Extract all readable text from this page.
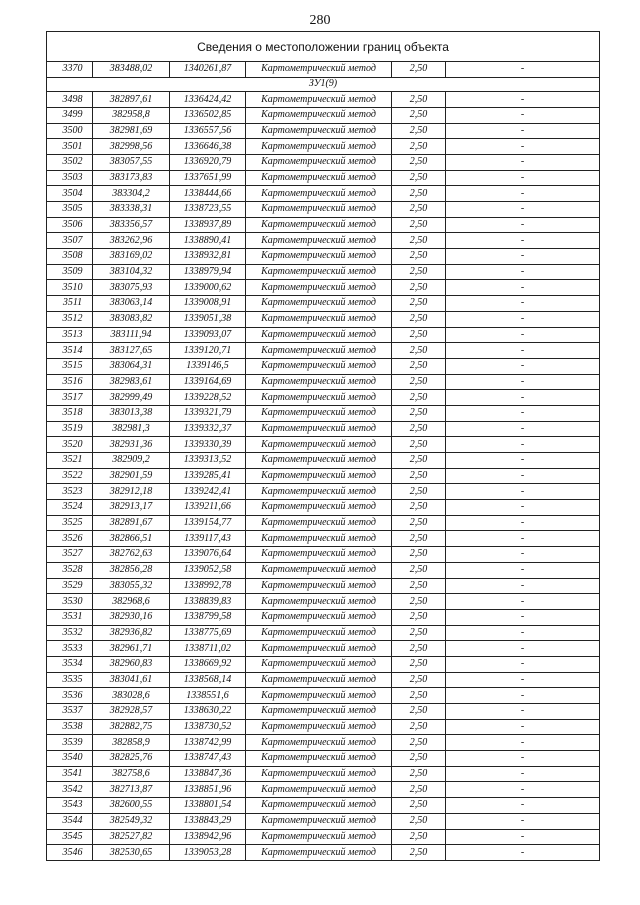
280
Сведения о местоположении границ объекта					
3370	383488,02	1340261,87	Картометрический метод	2,50	-
ЗУ1(9)					
3498	382897,61	1336424,42	Картометрический метод	2,50	-
3499	382958,8	1336502,85	Картометрический метод	2,50	-
3500	382981,69	1336557,56	Картометрический метод	2,50	-
3501	382998,56	1336646,38	Картометрический метод	2,50	-
3502	383057,55	1336920,79	Картометрический метод	2,50	-
3503	383173,83	1337651,99	Картометрический метод	2,50	-
3504	383304,2	1338444,66	Картометрический метод	2,50	-
3505	383338,31	1338723,55	Картометрический метод	2,50	-
3506	383356,57	1338937,89	Картометрический метод	2,50	-
3507	383262,96	1338890,41	Картометрический метод	2,50	-
3508	383169,02	1338932,81	Картометрический метод	2,50	-
3509	383104,32	1338979,94	Картометрический метод	2,50	-
3510	383075,93	1339000,62	Картометрический метод	2,50	-
3511	383063,14	1339008,91	Картометрический метод	2,50	-
3512	383083,82	1339051,38	Картометрический метод	2,50	-
3513	383111,94	1339093,07	Картометрический метод	2,50	-
3514	383127,65	1339120,71	Картометрический метод	2,50	-
3515	383064,31	1339146,5	Картометрический метод	2,50	-
3516	382983,61	1339164,69	Картометрический метод	2,50	-
3517	382999,49	1339228,52	Картометрический метод	2,50	-
3518	383013,38	1339321,79	Картометрический метод	2,50	-
3519	382981,3	1339332,37	Картометрический метод	2,50	-
3520	382931,36	1339330,39	Картометрический метод	2,50	-
3521	382909,2	1339313,52	Картометрический метод	2,50	-
3522	382901,59	1339285,41	Картометрический метод	2,50	-
3523	382912,18	1339242,41	Картометрический метод	2,50	-
3524	382913,17	1339211,66	Картометрический метод	2,50	-
3525	382891,67	1339154,77	Картометрический метод	2,50	-
3526	382866,51	1339117,43	Картометрический метод	2,50	-
3527	382762,63	1339076,64	Картометрический метод	2,50	-
3528	382856,28	1339052,58	Картометрический метод	2,50	-
3529	383055,32	1338992,78	Картометрический метод	2,50	-
3530	382968,6	1338839,83	Картометрический метод	2,50	-
3531	382930,16	1338799,58	Картометрический метод	2,50	-
3532	382936,82	1338775,69	Картометрический метод	2,50	-
3533	382961,71	1338711,02	Картометрический метод	2,50	-
3534	382960,83	1338669,92	Картометрический метод	2,50	-
3535	383041,61	1338568,14	Картометрический метод	2,50	-
3536	383028,6	1338551,6	Картометрический метод	2,50	-
3537	382928,57	1338630,22	Картометрический метод	2,50	-
3538	382882,75	1338730,52	Картометрический метод	2,50	-
3539	382858,9	1338742,99	Картометрический метод	2,50	-
3540	382825,76	1338747,43	Картометрический метод	2,50	-
3541	382758,6	1338847,36	Картометрический метод	2,50	-
3542	382713,87	1338851,96	Картометрический метод	2,50	-
3543	382600,55	1338801,54	Картометрический метод	2,50	-
3544	382549,32	1338843,29	Картометрический метод	2,50	-
3545	382527,82	1338942,96	Картометрический метод	2,50	-
3546	382530,65	1339053,28	Картометрический метод	2,50	-
